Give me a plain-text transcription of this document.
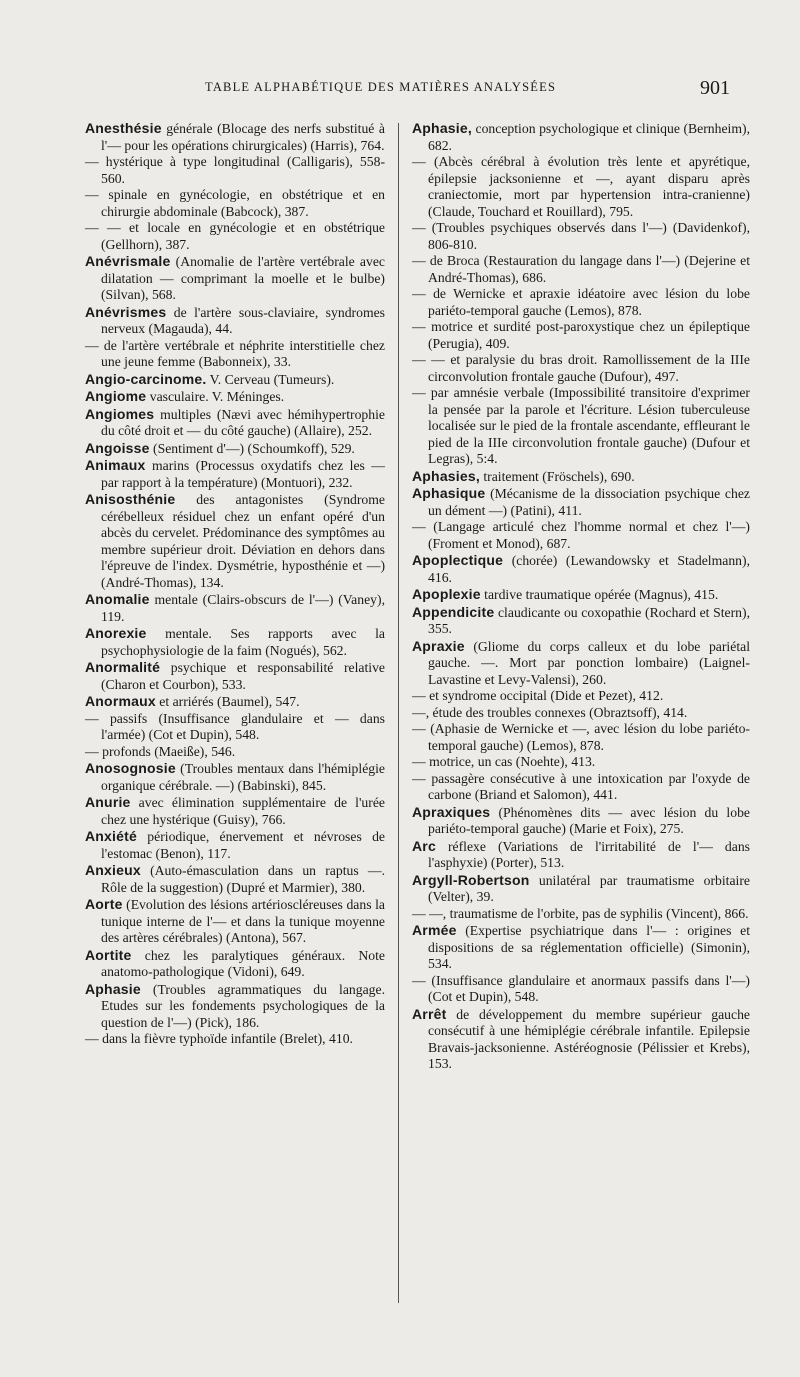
TABLE ALPHABÉTIQUE DES MATIÈRES ANALYSÉES	901

Anesthésie générale (Blocage des nerfs substitué à l'— pour les opérations chirurgicales) (Harris), 764.

— hystérique à type longitudinal (Calligaris), 558-560.

— spinale en gynécologie, en obstétrique et en chirurgie abdominale (Babcock), 387.

— — et locale en gynécologie et en obstétrique (Gellhorn), 387.

Anévrismale (Anomalie de l'artère vertébrale avec dilatation — comprimant la moelle et le bulbe) (Silvan), 568.

Anévrismes de l'artère sous-claviaire, syndromes nerveux (Magauda), 44.

— de l'artère vertébrale et néphrite interstitielle chez une jeune femme (Babonneix), 33.

Angio-carcinome. V. Cerveau (Tumeurs).

Angiome vasculaire. V. Méninges.

Angiomes multiples (Nævi avec hémihypertrophie du côté droit et — du côté gauche) (Allaire), 252.

Angoisse (Sentiment d'—) (Schoumkoff), 529.

Animaux marins (Processus oxydatifs chez les — par rapport à la température) (Montuori), 232.

Anisosthénie des antagonistes (Syndrome cérébelleux résiduel chez un enfant opéré d'un abcès du cervelet. Prédominance des symptômes au membre supérieur droit. Déviation en dehors dans l'épreuve de l'index. Dysmétrie, hyposthénie et —) (André-Thomas), 134.

Anomalie mentale (Clairs-obscurs de l'—) (Vaney), 119.

Anorexie mentale. Ses rapports avec la psychophysiologie de la faim (Nogués), 562.

Anormalité psychique et responsabilité relative (Charon et Courbon), 533.

Anormaux et arriérés (Baumel), 547.

— passifs (Insuffisance glandulaire et — dans l'armée) (Cot et Dupin), 548.

— profonds (Maeiße), 546.

Anosognosie (Troubles mentaux dans l'hémiplégie organique cérébrale. —) (Babinski), 845.

Anurie avec élimination supplémentaire de l'urée chez une hystérique (Guisy), 766.

Anxiété périodique, énervement et névroses de l'estomac (Benon), 117.

Anxieux (Auto-émasculation dans un raptus —. Rôle de la suggestion) (Dupré et Marmier), 380.

Aorte (Evolution des lésions artérioscléreuses dans la tunique interne de l'— et dans la tunique moyenne des artères cérébrales) (Antona), 567.

Aortite chez les paralytiques généraux. Note anatomo-pathologique (Vidoni), 649.

Aphasie (Troubles agrammatiques du langage. Etudes sur les fondements psychologiques de la question de l'—) (Pick), 186.

— dans la fièvre typhoïde infantile (Brelet), 410.

Aphasie, conception psychologique et clinique (Bernheim), 682.

— (Abcès cérébral à évolution très lente et apyrétique, épilepsie jacksonienne et —, ayant disparu après craniectomie, mort par hypertension intra-cranienne) (Claude, Touchard et Rouillard), 795.

— (Troubles psychiques observés dans l'—) (Davidenkof), 806-810.

— de Broca (Restauration du langage dans l'—) (Dejerine et André-Thomas), 686.

— de Wernicke et apraxie idéatoire avec lésion du lobe pariéto-temporal gauche (Lemos), 878.

— motrice et surdité post-paroxystique chez un épileptique (Perugia), 409.

— — et paralysie du bras droit. Ramollissement de la IIIe circonvolution frontale gauche (Dufour), 497.

— par amnésie verbale (Impossibilité transitoire d'exprimer la pensée par la parole et l'écriture. Lésion tuberculeuse localisée sur le pied de la frontale ascendante, effleurant le pied de la IIIe circonvolution frontale gauche) (Dufour et Legras), 5:4.

Aphasies, traitement (Fröschels), 690.

Aphasique (Mécanisme de la dissociation psychique chez un dément —) (Patini), 411.

— (Langage articulé chez l'homme normal et chez l'—) (Froment et Monod), 687.

Apoplectique (chorée) (Lewandowsky et Stadelmann), 416.

Apoplexie tardive traumatique opérée (Magnus), 415.

Appendicite claudicante ou coxopathie (Rochard et Stern), 355.

Apraxie (Gliome du corps calleux et du lobe pariétal gauche. —. Mort par ponction lombaire) (Laignel-Lavastine et Levy-Valensi), 260.

— et syndrome occipital (Dide et Pezet), 412.

—, étude des troubles connexes (Obraztsoff), 414.

— (Aphasie de Wernicke et —, avec lésion du lobe pariéto-temporal gauche) (Lemos), 878.

— motrice, un cas (Noehte), 413.

— passagère consécutive à une intoxication par l'oxyde de carbone (Briand et Salomon), 441.

Apraxiques (Phénomènes dits — avec lésion du lobe pariéto-temporal gauche) (Marie et Foix), 275.

Arc réflexe (Variations de l'irritabilité de l'— dans l'asphyxie) (Porter), 513.

Argyll-Robertson unilatéral par traumatisme orbitaire (Velter), 39.

— —, traumatisme de l'orbite, pas de syphilis (Vincent), 866.

Armée (Expertise psychiatrique dans l'— : origines et dispositions de sa réglementation officielle) (Simonin), 534.

— (Insuffisance glandulaire et anormaux passifs dans l'—) (Cot et Dupin), 548.

Arrêt de développement du membre supérieur gauche consécutif à une hémiplégie cérébrale infantile. Epilepsie Bravais-jacksonienne. Astéréognosie (Pélissier et Krebs), 153.
